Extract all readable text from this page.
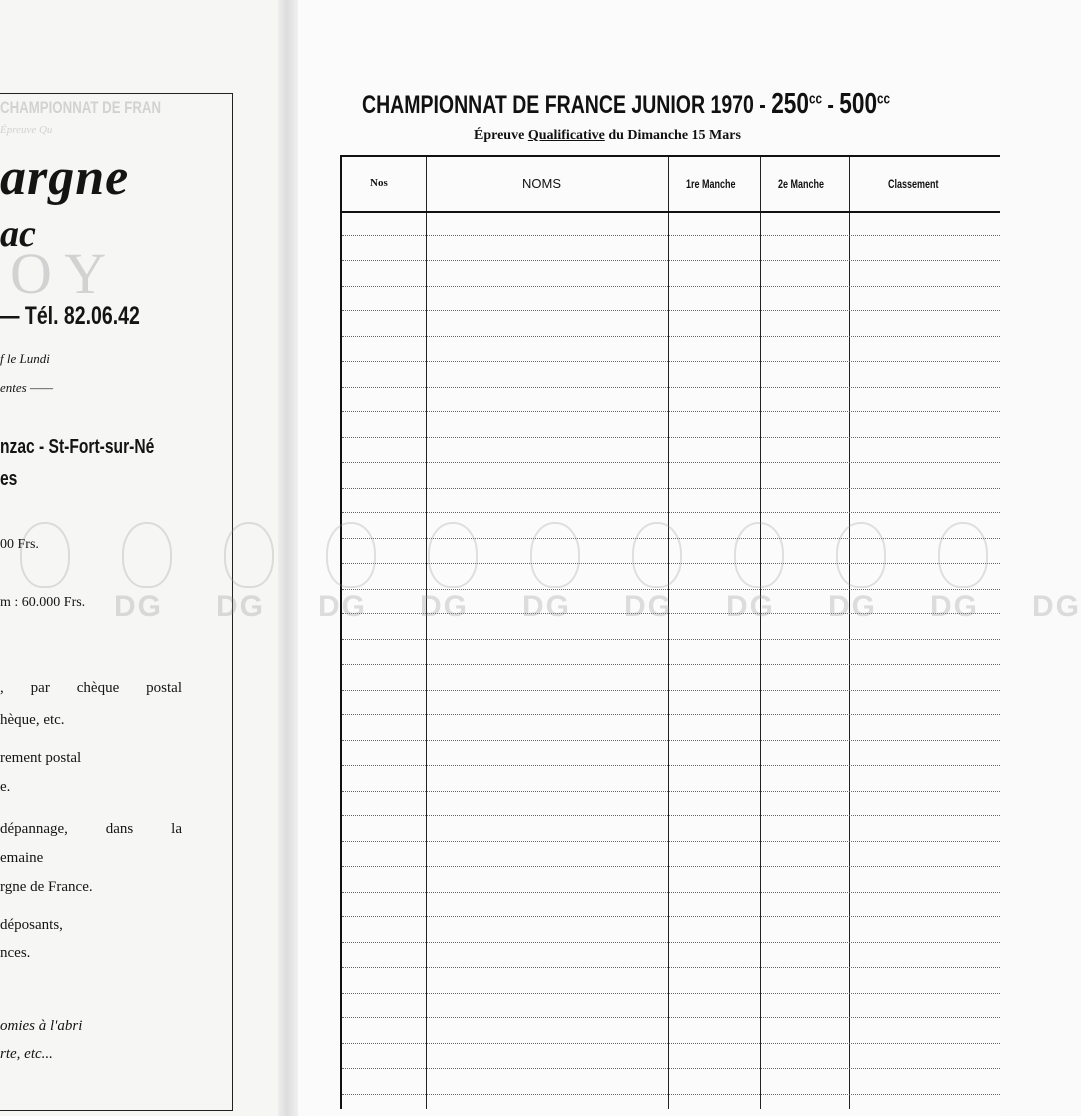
CHAMPIONNAT DE FRAN
Épreuve Qu
argne
ac
O Y
— Tél. 82.06.42
f le Lundi
entes ——
nzac - St-Fort-sur-Né
es
00 Frs.
m : 60.000 Frs.
, par chèque postal
hèque, etc.
rement postal
e.
dépannage, dans la
emaine
rgne de France.
déposants,
nces.
omies à l'abri
rte, etc...
CHAMPIONNAT DE FRANCE JUNIOR $1970 - 250^{cc} - 500^{cc}$
Épreuve Qualificative du Dimanche 15 Mars
Nos	NOMS	1re Manche	2e Manche	Classement
DG DG DG DG DG DG DG DG DG DG
